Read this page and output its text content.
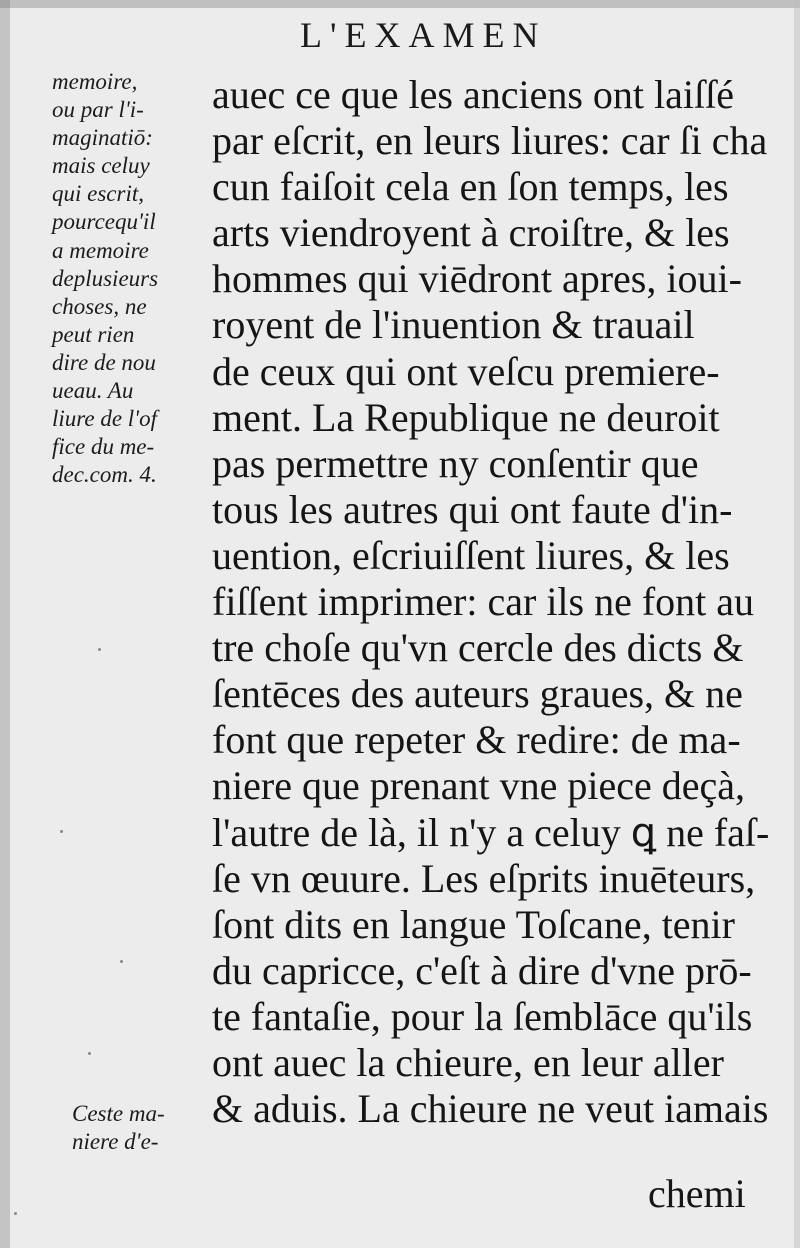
L'EXAMEN
memoire,
ou par l'i-
maginatiō:
mais celuy
qui escrit,
pourcequ'il
a memoire
deplusieurs
choses, ne
peut rien
dire de nou
ueau. Au
liure de l'of
fice du me-
dec.com. 4.
Ceste ma-
niere d'e-
auec ce que les anciens ont laiſſé
par eſcrit, en leurs liures: car ſi cha
cun faiſoit cela en ſon temps, les
arts viendroyent à croiſtre, & les
hommes qui viēdront apres, ioui-
royent de l'inuention & trauail
de ceux qui ont veſcu premiere-
ment. La Republique ne deuroit
pas permettre ny conſentir que
tous les autres qui ont faute d'in-
uention, eſcriuiſſent liures, & les
fiſſent imprimer: car ils ne font au
tre choſe qu'vn cercle des dicts &
ſentēces des auteurs graues, & ne
font que repeter & redire: de ma-
niere que prenant vne piece deçà,
l'autre de là, il n'y a celuy ꝗ ne faſ-
ſe vn œuure. Les eſprits inuēteurs,
ſont dits en langue Toſcane, tenir
du capricce, c'eſt à dire d'vne prō-
te fantaſie, pour la ſemblāce qu'ils
ont auec la chieure, en leur aller
& aduis. La chieure ne veut iamais
chemi
